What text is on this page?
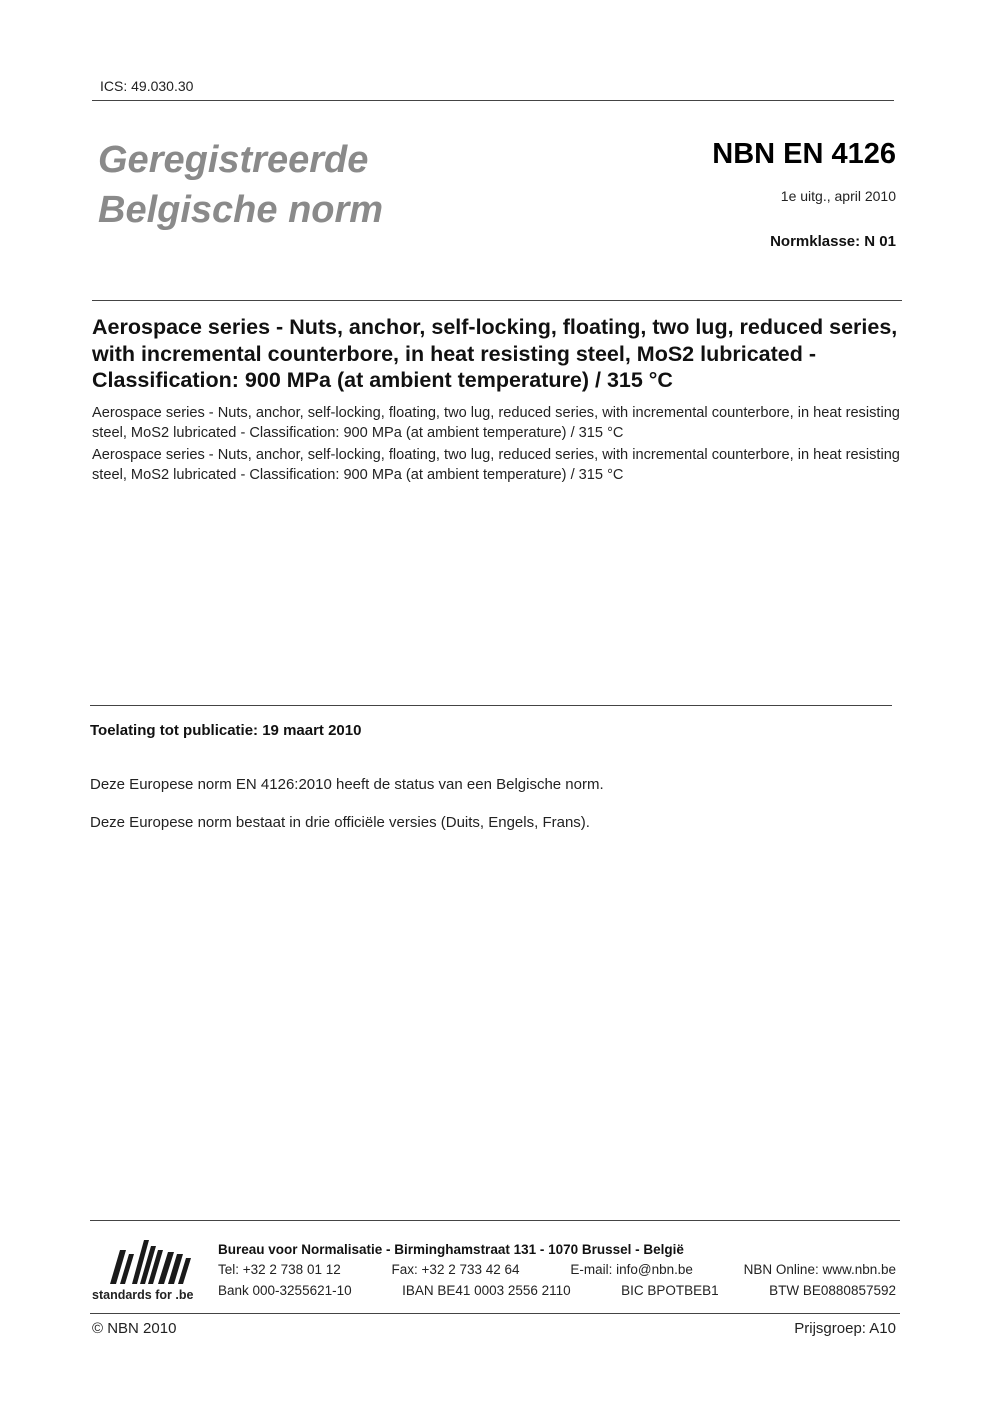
ICS: 49.030.30
Geregistreerde
Belgische norm
NBN EN 4126
1e uitg., april 2010
Normklasse: N 01
Aerospace series - Nuts, anchor, self-locking, floating, two lug, reduced series, with incremental counterbore, in heat resisting steel, MoS2 lubricated - Classification: 900 MPa (at ambient temperature) / 315 °C
Aerospace series - Nuts, anchor, self-locking, floating, two lug, reduced series, with incremental counterbore, in heat resisting steel, MoS2 lubricated - Classification: 900 MPa (at ambient temperature) / 315 °C
Aerospace series - Nuts, anchor, self-locking, floating, two lug, reduced series, with incremental counterbore, in heat resisting steel, MoS2 lubricated - Classification: 900 MPa (at ambient temperature) / 315 °C
Toelating tot publicatie: 19 maart 2010
Deze Europese norm EN 4126:2010 heeft de status van een Belgische norm.
Deze Europese norm bestaat in drie officiële versies (Duits, Engels, Frans).
standards for .be
Bureau voor Normalisatie - Birminghamstraat 131 - 1070 Brussel - België
Tel: +32 2 738 01 12	Fax: +32 2 733 42 64	E-mail: info@nbn.be	NBN Online: www.nbn.be
Bank 000-3255621-10	IBAN BE41 0003 2556 2110	BIC BPOTBEB1	BTW BE0880857592
© NBN 2010	Prijsgroep: A10
